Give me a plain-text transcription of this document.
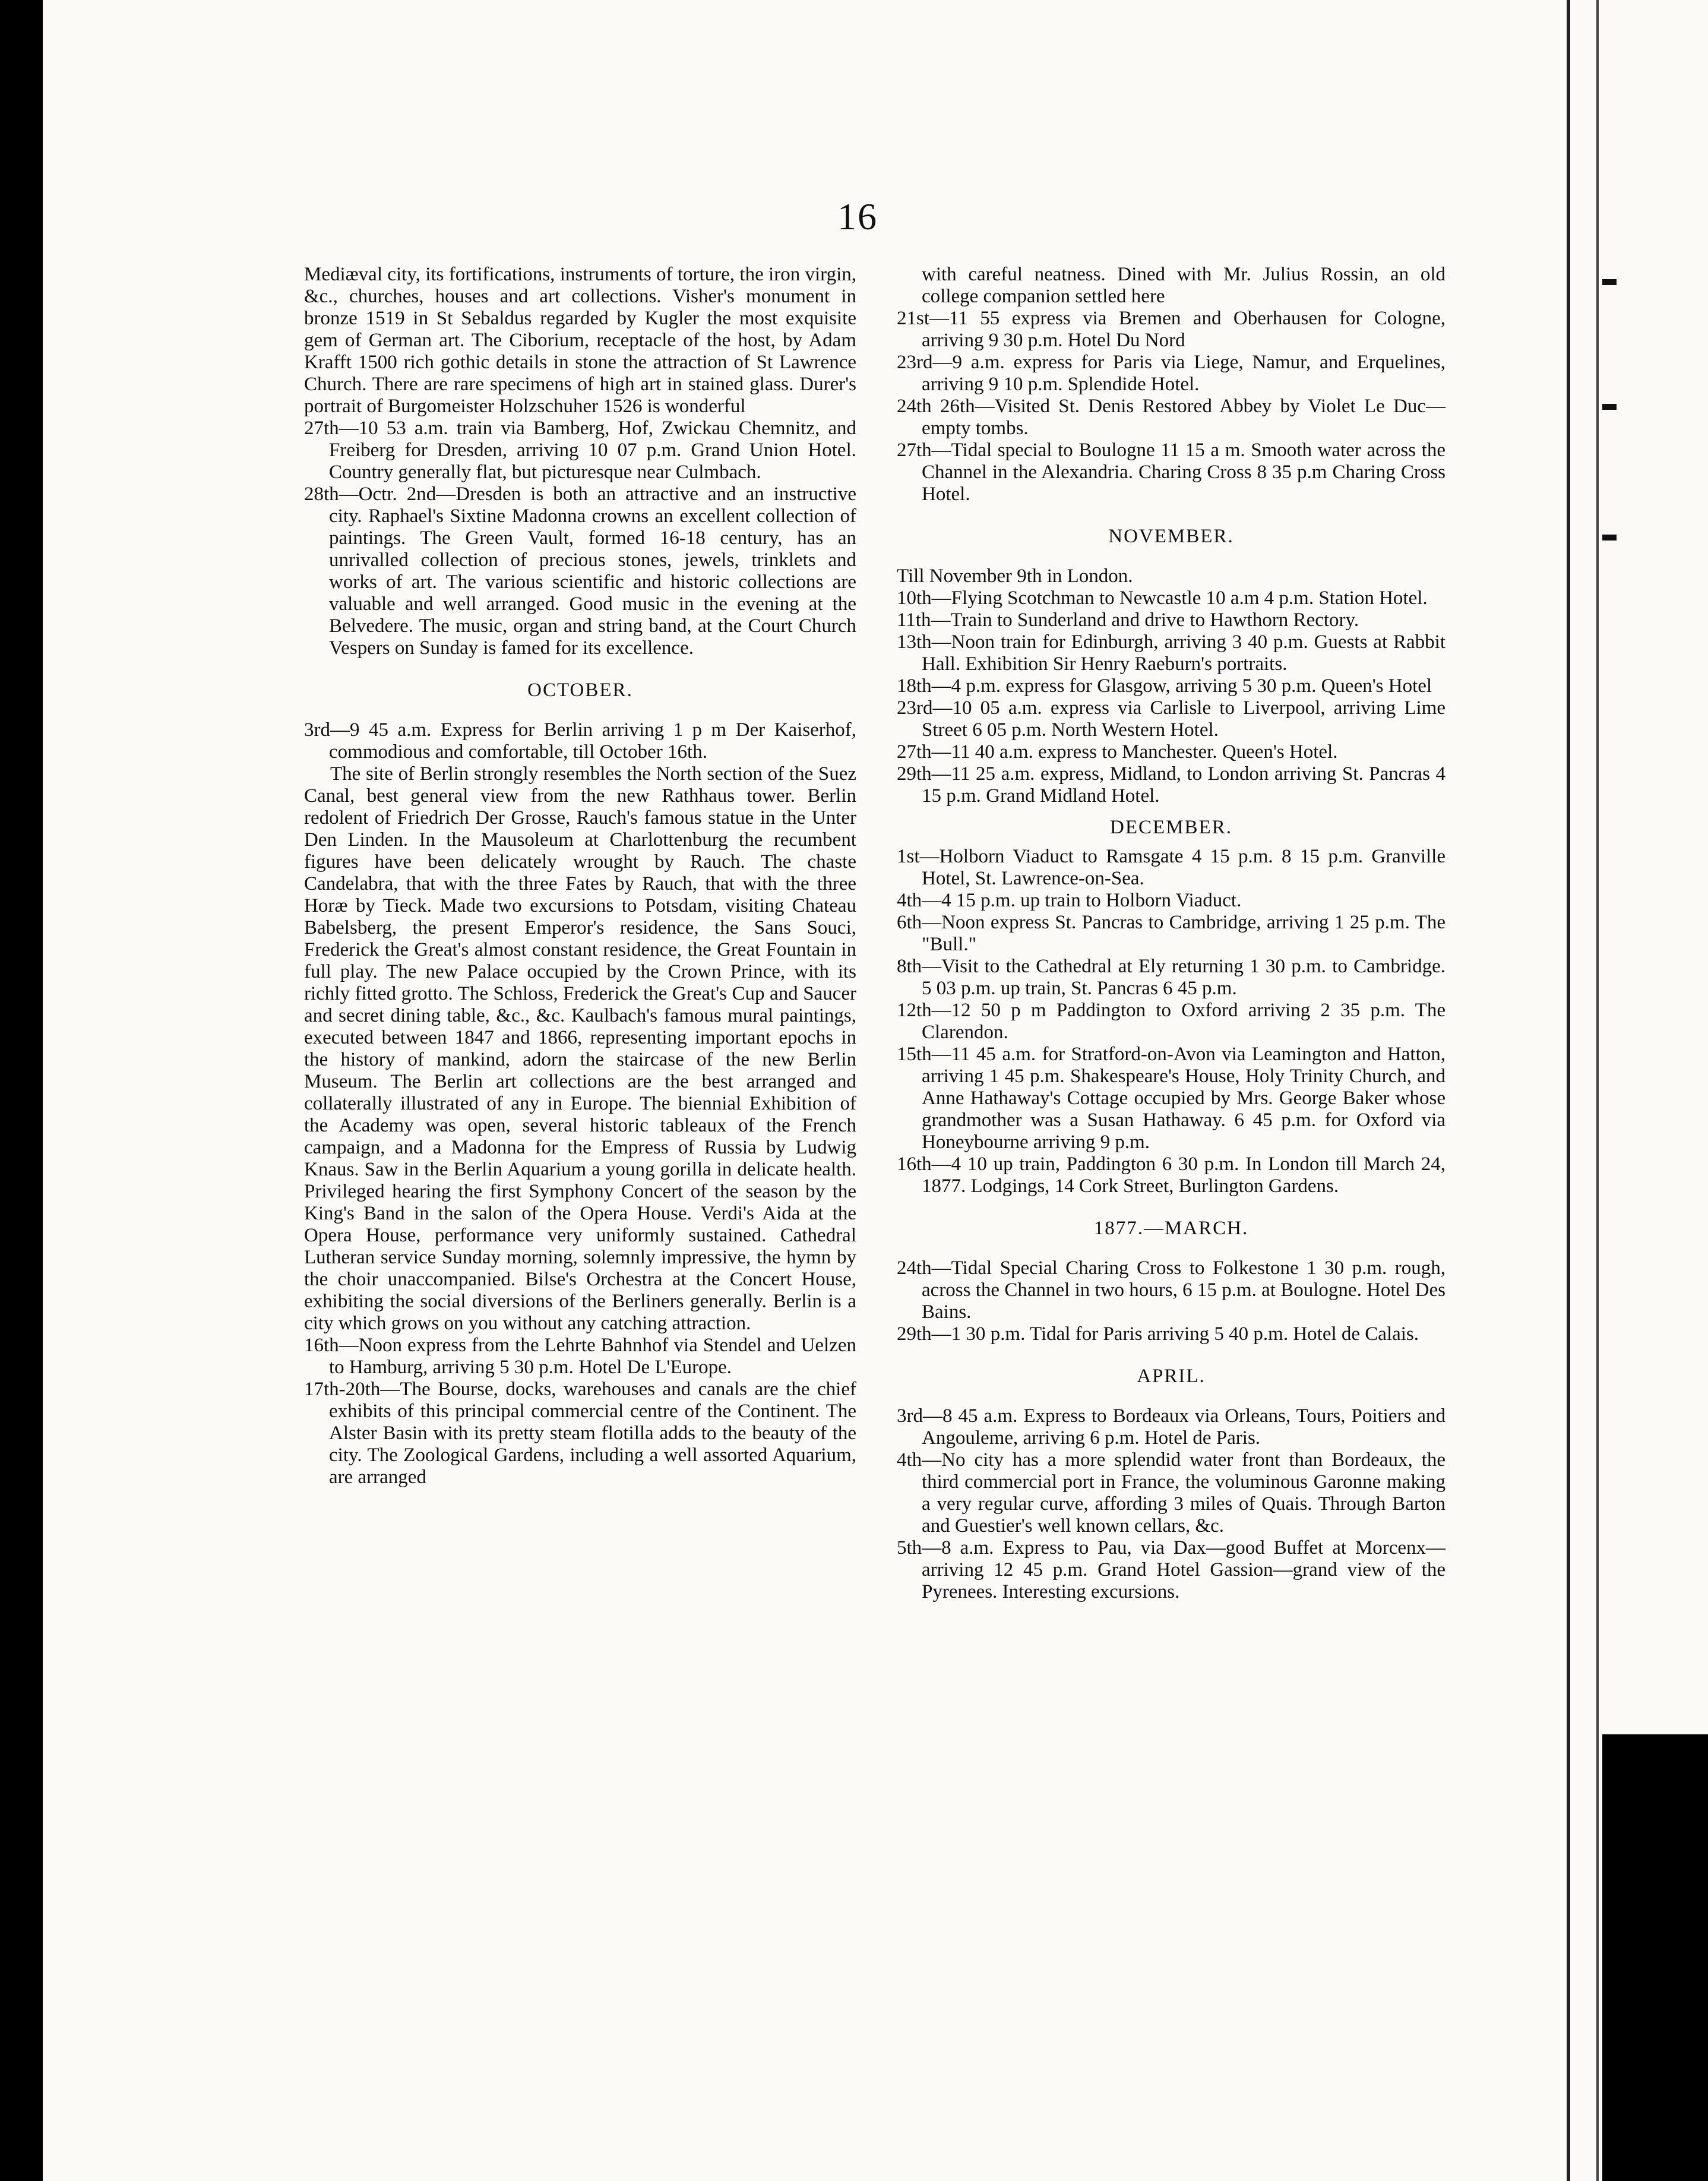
16

Mediæval city, its fortifications, instruments of torture, the iron virgin, &c., churches, houses and art collections. Visher's monument in bronze 1519 in St Sebaldus regarded by Kugler the most exquisite gem of German art. The Ciborium, receptacle of the host, by Adam Krafft 1500 rich gothic details in stone the attraction of St Lawrence Church. There are rare specimens of high art in stained glass. Durer's portrait of Burgomeister Holzschuher 1526 is wonderful

27th—10 53 a.m. train via Bamberg, Hof, Zwickau Chemnitz, and Freiberg for Dresden, arriving 10 07 p.m. Grand Union Hotel. Country generally flat, but picturesque near Culmbach.

28th—Octr. 2nd—Dresden is both an attractive and an instructive city. Raphael's Sixtine Madonna crowns an excellent collection of paintings. The Green Vault, formed 16-18 century, has an unrivalled collection of precious stones, jewels, trinklets and works of art. The various scientific and historic collections are valuable and well arranged. Good music in the evening at the Belvedere. The music, organ and string band, at the Court Church Vespers on Sunday is famed for its excellence.

OCTOBER.

3rd—9 45 a.m. Express for Berlin arriving 1 p m Der Kaiserhof, commodious and comfortable, till October 16th.

The site of Berlin strongly resembles the North section of the Suez Canal, best general view from the new Rathhaus tower. Berlin redolent of Friedrich Der Grosse, Rauch's famous statue in the Unter Den Linden. In the Mausoleum at Charlottenburg the recumbent figures have been delicately wrought by Rauch. The chaste Candelabra, that with the three Fates by Rauch, that with the three Horæ by Tieck. Made two excursions to Potsdam, visiting Chateau Babelsberg, the present Emperor's residence, the Sans Souci, Frederick the Great's almost constant residence, the Great Fountain in full play. The new Palace occupied by the Crown Prince, with its richly fitted grotto. The Schloss, Frederick the Great's Cup and Saucer and secret dining table, &c., &c. Kaulbach's famous mural paintings, executed between 1847 and 1866, representing important epochs in the history of mankind, adorn the staircase of the new Berlin Museum. The Berlin art collections are the best arranged and collaterally illustrated of any in Europe. The biennial Exhibition of the Academy was open, several historic tableaux of the French campaign, and a Madonna for the Empress of Russia by Ludwig Knaus. Saw in the Berlin Aquarium a young gorilla in delicate health. Privileged hearing the first Symphony Concert of the season by the King's Band in the salon of the Opera House. Verdi's Aida at the Opera House, performance very uniformly sustained. Cathedral Lutheran service Sunday morning, solemnly impressive, the hymn by the choir unaccompanied. Bilse's Orchestra at the Concert House, exhibiting the social diversions of the Berliners generally. Berlin is a city which grows on you without any catching attraction.

16th—Noon express from the Lehrte Bahnhof via Stendel and Uelzen to Hamburg, arriving 5 30 p.m. Hotel De L'Europe.

17th-20th—The Bourse, docks, warehouses and canals are the chief exhibits of this principal commercial centre of the Continent. The Alster Basin with its pretty steam flotilla adds to the beauty of the city. The Zoological Gardens, including a well assorted Aquarium, are arranged

with careful neatness. Dined with Mr. Julius Rossin, an old college companion settled here

21st—11 55 express via Bremen and Oberhausen for Cologne, arriving 9 30 p.m. Hotel Du Nord

23rd—9 a.m. express for Paris via Liege, Namur, and Erquelines, arriving 9 10 p.m. Splendide Hotel.

24th 26th—Visited St. Denis Restored Abbey by Violet Le Duc—empty tombs.

27th—Tidal special to Boulogne 11 15 a m. Smooth water across the Channel in the Alexandria. Charing Cross 8 35 p.m Charing Cross Hotel.

NOVEMBER.

Till November 9th in London.

10th—Flying Scotchman to Newcastle 10 a.m 4 p.m. Station Hotel.

11th—Train to Sunderland and drive to Hawthorn Rectory.

13th—Noon train for Edinburgh, arriving 3 40 p.m. Guests at Rabbit Hall. Exhibition Sir Henry Raeburn's portraits.

18th—4 p.m. express for Glasgow, arriving 5 30 p.m. Queen's Hotel

23rd—10 05 a.m. express via Carlisle to Liverpool, arriving Lime Street 6 05 p.m. North Western Hotel.

27th—11 40 a.m. express to Manchester. Queen's Hotel.

29th—11 25 a.m. express, Midland, to London arriving St. Pancras 4 15 p.m. Grand Midland Hotel.

DECEMBER.

1st—Holborn Viaduct to Ramsgate 4 15 p.m. 8 15 p.m. Granville Hotel, St. Lawrence-on-Sea.

4th—4 15 p.m. up train to Holborn Viaduct.

6th—Noon express St. Pancras to Cambridge, arriving 1 25 p.m. The "Bull."

8th—Visit to the Cathedral at Ely returning 1 30 p.m. to Cambridge. 5 03 p.m. up train, St. Pancras 6 45 p.m.

12th—12 50 p m Paddington to Oxford arriving 2 35 p.m. The Clarendon.

15th—11 45 a.m. for Stratford-on-Avon via Leamington and Hatton, arriving 1 45 p.m. Shakespeare's House, Holy Trinity Church, and Anne Hathaway's Cottage occupied by Mrs. George Baker whose grandmother was a Susan Hathaway. 6 45 p.m. for Oxford via Honeybourne arriving 9 p.m.

16th—4 10 up train, Paddington 6 30 p.m. In London till March 24, 1877. Lodgings, 14 Cork Street, Burlington Gardens.

1877.—MARCH.

24th—Tidal Special Charing Cross to Folkestone 1 30 p.m. rough, across the Channel in two hours, 6 15 p.m. at Boulogne. Hotel Des Bains.

29th—1 30 p.m. Tidal for Paris arriving 5 40 p.m. Hotel de Calais.

APRIL.

3rd—8 45 a.m. Express to Bordeaux via Orleans, Tours, Poitiers and Angouleme, arriving 6 p.m. Hotel de Paris.

4th—No city has a more splendid water front than Bordeaux, the third commercial port in France, the voluminous Garonne making a very regular curve, affording 3 miles of Quais. Through Barton and Guestier's well known cellars, &c.

5th—8 a.m. Express to Pau, via Dax—good Buffet at Morcenx—arriving 12 45 p.m. Grand Hotel Gassion—grand view of the Pyrenees. Interesting excursions.
